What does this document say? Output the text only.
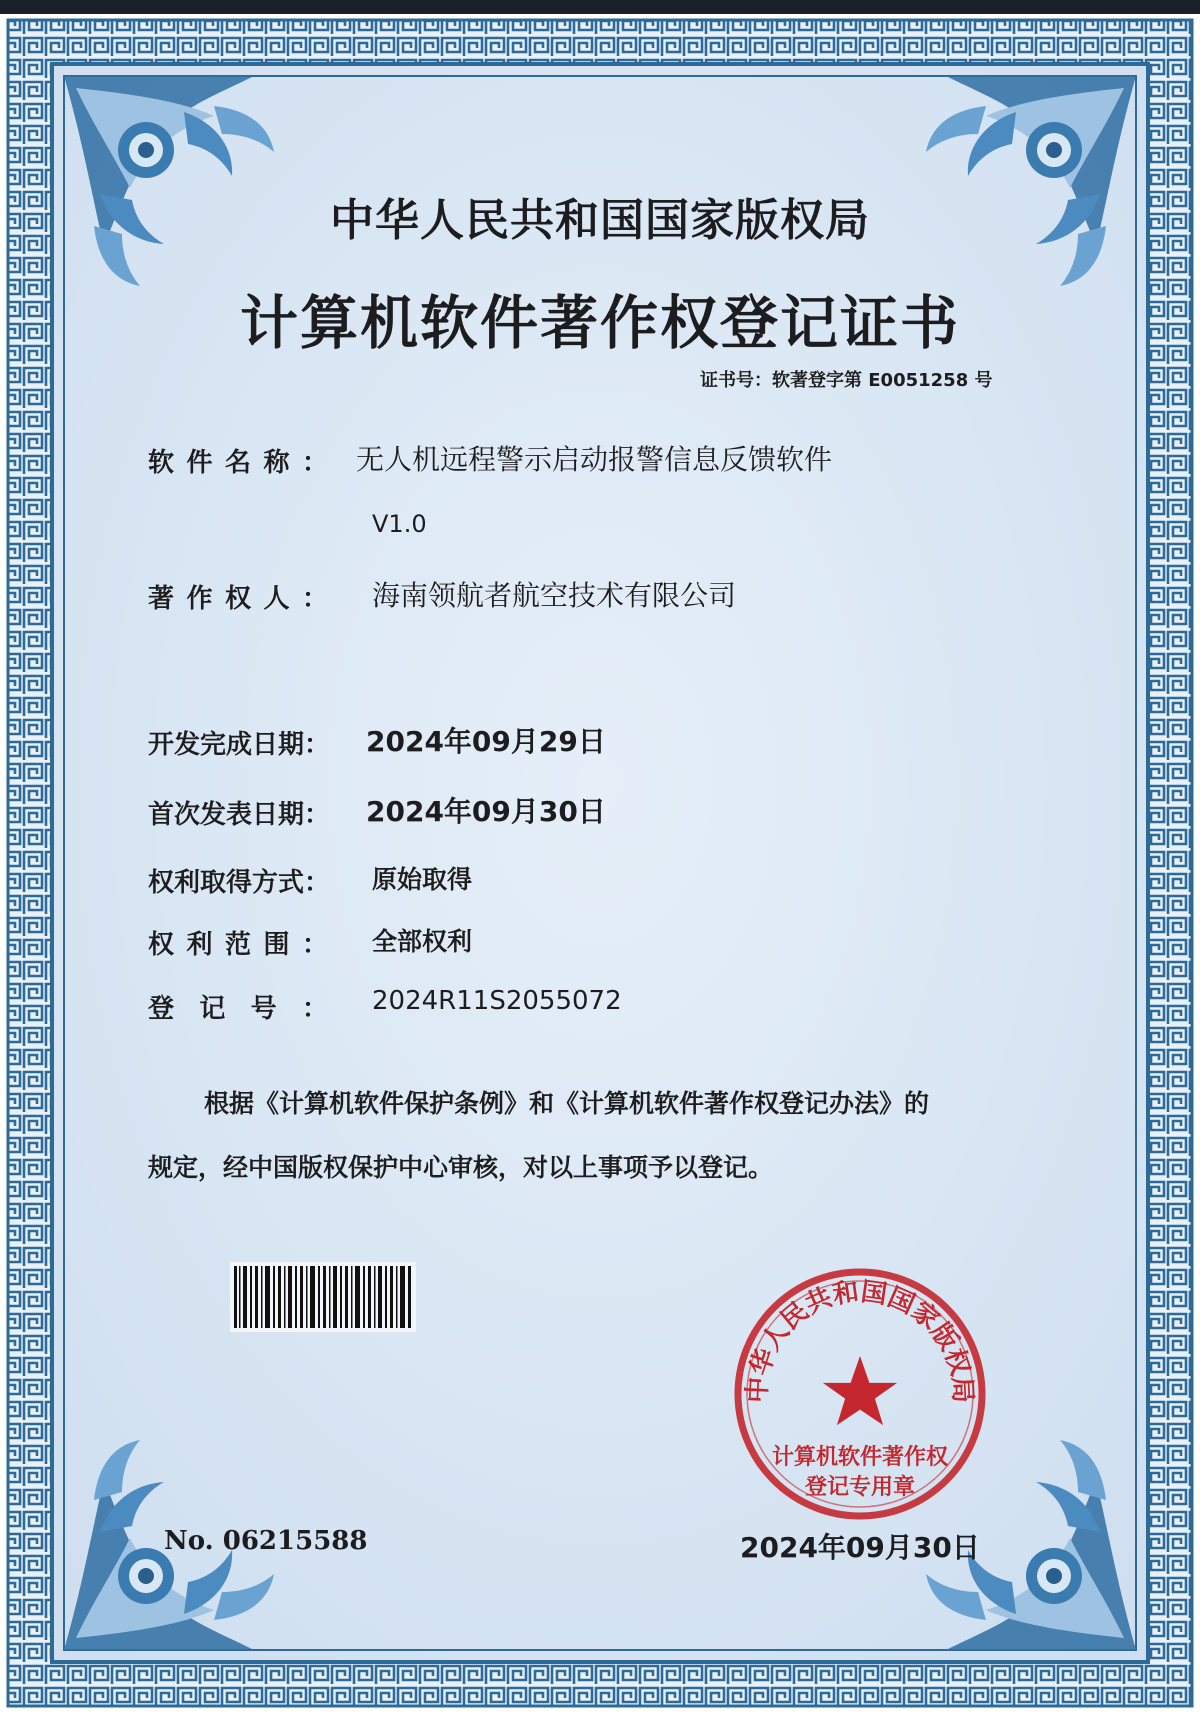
中华人民共和国国家版权局
计算机软件著作权登记证书
证书号：软著登字第 E0051258 号
软件名称： 无人机远程警示启动报警信息反馈软件
V1.0
著作权人： 海南领航者航空技术有限公司
开发完成日期： 2024年09月29日
首次发表日期： 2024年09月30日
权利取得方式： 原始取得
权利范围： 全部权利
登记号： 2024R11S2055072

根据《计算机软件保护条例》和《计算机软件著作权登记办法》的

规定，经中国版权保护中心审核，对以上事项予以登记。

中华人民共和国国家版权局
计算机软件著作权
登记专用章
No. 06215588	2024年09月30日
